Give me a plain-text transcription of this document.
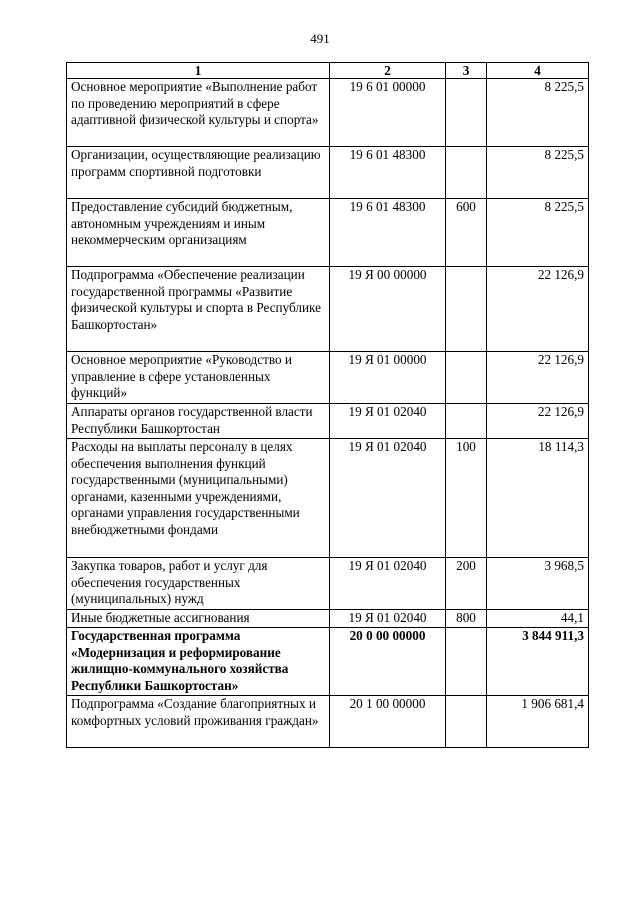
491
1	2	3	4
Основное мероприятие «Выполнение работ по проведению мероприятий в сфере адаптивной физической культуры и спорта»	19 6 01 00000		8 225,5
Организации, осуществляющие реализацию программ спортивной подготовки	19 6 01 48300		8 225,5
Предоставление субсидий бюджетным, автономным учреждениям и иным некоммерческим организациям	19 6 01 48300	600	8 225,5
Подпрограмма «Обеспечение реализации государственной программы «Развитие физической культуры и спорта в Республике Башкортостан»	19 Я 00 00000		22 126,9
Основное мероприятие «Руководство и управление в сфере установленных функций»	19 Я 01 00000		22 126,9
Аппараты органов государственной власти Республики Башкортостан	19 Я 01 02040		22 126,9
Расходы на выплаты персоналу в целях обеспечения выполнения функций государственными (муниципальными) органами, казенными учреждениями, органами управления государственными внебюджетными фондами	19 Я 01 02040	100	18 114,3
Закупка товаров, работ и услуг для обеспечения государственных (муниципальных) нужд	19 Я 01 02040	200	3 968,5
Иные бюджетные ассигнования	19 Я 01 02040	800	44,1
Государственная программа «Модернизация и реформирование жилищно-коммунального хозяйства Республики Башкортостан»	20 0 00 00000		3 844 911,3
Подпрограмма «Создание благоприятных и комфортных условий проживания граждан»	20 1 00 00000		1 906 681,4
